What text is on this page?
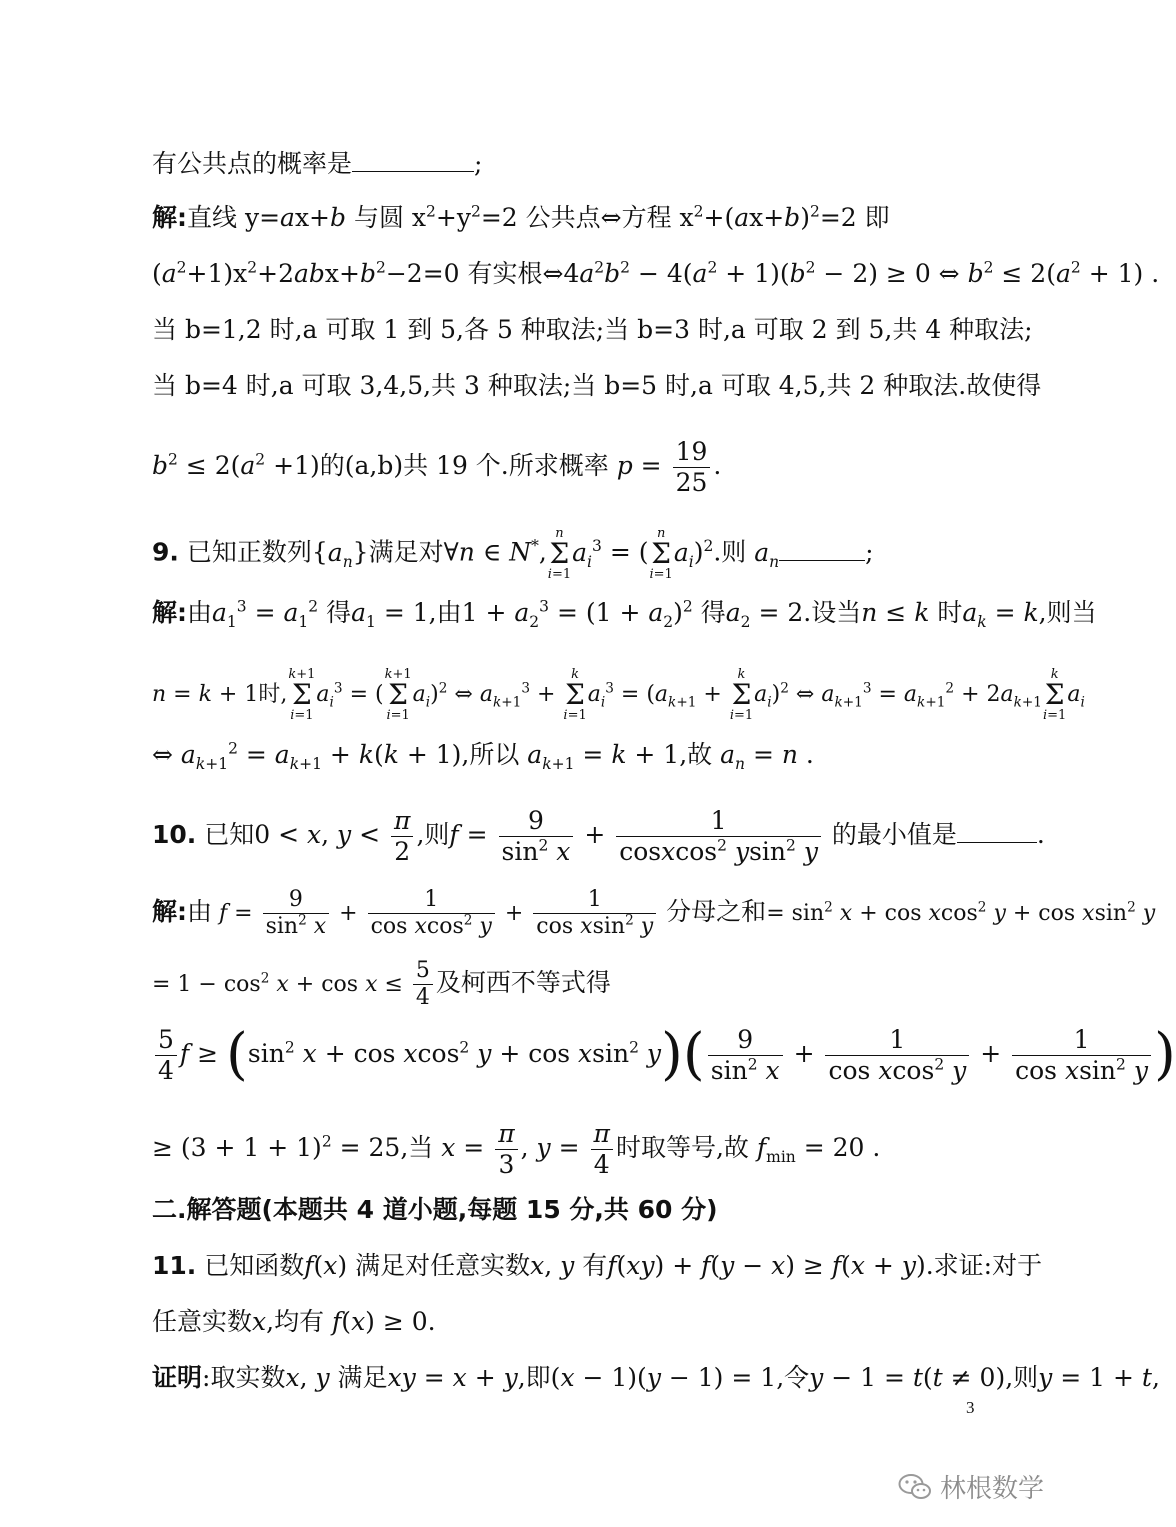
有公共点的概率是	;
解:直线 y=ax+b 与圆 $x^2+y^2=2$ 公共点⇔方程 $x^2+(ax+b)^2=2$ 即
$(a^2+1)x^2+2abx+b^2-2=0$ 有实根$\Leftrightarrow 4a^2b^2 - 4(a^2 + 1)(b^2 - 2) \ge 0$ ⇔ $b^2 \le 2(a^2 + 1)$ .
当 b=1,2 时,a 可取 1 到 5,各 5 种取法;当 b=3 时,a 可取 2 到 5,共 4 种取法;
当 b=4 时,a 可取 3,4,5,共 3 种取法;当 b=5 时,a 可取 4,5,共 2 种取法.故使得
$b^2 \le 2(a^2 +1)$的(a,b)共 19 个.所求概率 $p = \frac{19}{25}$ .
9. 已知正数列$\{a_n\}$满足对∀n ∈ N*,n
Σ
$i=1a_i^3 = (n$
Σ
$i=1a_i)^2$.则 $a_n$	;
解:由$a_1^3 = a_1^2$ 得$a_1 = 1$,由$1 + a_2^3 = (1 + a_2)^2$ 得$a_2 = 2$.设当n ≤ k 时$a_k = k$,则当
n = k + 1时,k+1
Σ
$i=1a_i^3 = (k+1$
Σ
$i=1a_i)^2$ ⇔ $a_{k+1}^3 + k$
Σ
$i=1a_i^3 = (a_{k+1} + k$
Σ
$i=1a_i)^2$ ⇔ $a_{k+1}^3 = a_{k+1}^2 + 2a_{k+1}k$
Σ
$i=1a_i$
⇔ $a_{k+1}^2 = a_{k+1} + k(k + 1)$,所以 $a_{k+1} = k + 1$,故 $a_n = n$ .
10. 已知0 < x, $y < \frac{\pi}{2}$ ,则$f = \frac{9}{\sin^2 x} + \frac{1}{cosxcos^2 ysin^2 y}$ 的最小值是	.
解:由 $f = \frac{9}{\sin^2 x} + \frac{1}{\cos xcos^2 y} + \frac{1}{\cos xsin^2 y}$ 分母之和= $\sin^2 x + \cos xcos^2$ y + cos xsin$^2$ y
= $1 - \cos^2 x + \cos x \le \frac{5}{4}$ 及柯西不等式得
$\frac{5}{4}$ $f \ge (\sin^2$ x + cos xcos$^2$ y + cos xsin$^2$ $y)( \frac{9}{\sin^2 x} + \frac{1}{\cos xcos^2 y} + \frac{1}{\cos xsin^2 y}$ )
≥ $(3 + 1 + 1)^2 = 25$,当 $x = \frac{\pi}{3}$ , $y = \frac{\pi}{4}$ 时取等号,故 $f_{min} = 20$ .
二.解答题(本题共 4 道小题,每题 15 分,共 60 分)
11. 已知函数f(x) 满足对任意实数x, y 有f(xy) + f(y − x) ≥ f(x + y).求证:对于
任意实数x,均有 f(x) ≥ 0.
证明:取实数x, y 满足xy = x + y,即(x − 1)(y − 1) = 1,令y − 1 = t(t ≠ 0),则y = 1 + t,
3
林根数学
